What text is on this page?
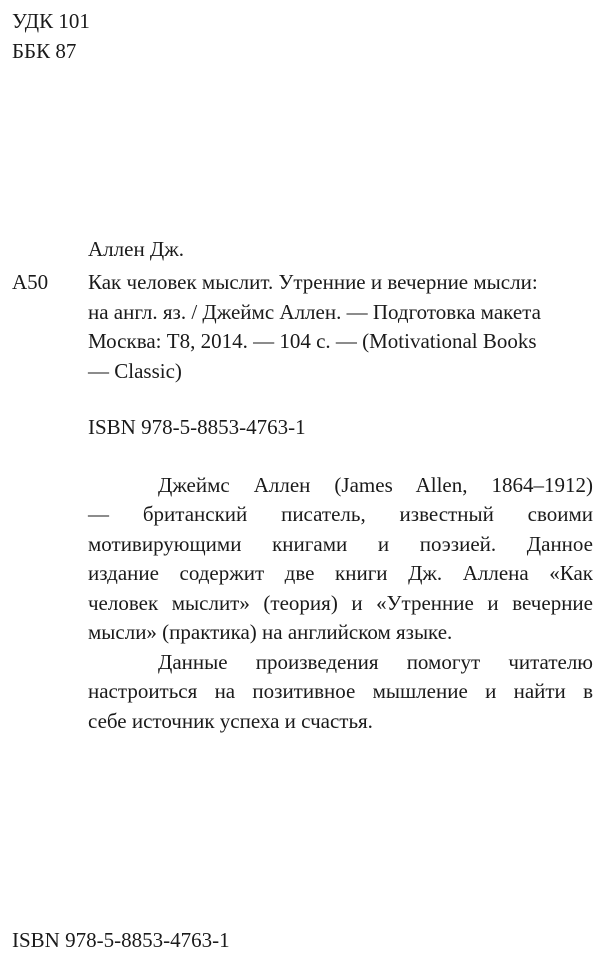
УДК 101
ББК 87
Аллен Дж.
А50 Как человек мыслит. Утренние и вечерние мысли:
на англ. яз. / Джеймс Аллен. — Подготовка макета
Москва: Т8, 2014. — 104 с. — (Motivational Books
— Classic)
ISBN 978-5-8853-4763-1
Джеймс Аллен (James Allen, 1864–1912)
— британский писатель, известный своими
мотивирующими книгами и поэзией. Данное
издание содержит две книги Дж. Аллена «Как
человек мыслит» (теория) и «Утренние и вечерние
мысли» (практика) на английском языке.
Данные произведения помогут читателю
настроиться на позитивное мышление и найти в
себе источник успеха и счастья.
ISBN 978-5-8853-4763-1
